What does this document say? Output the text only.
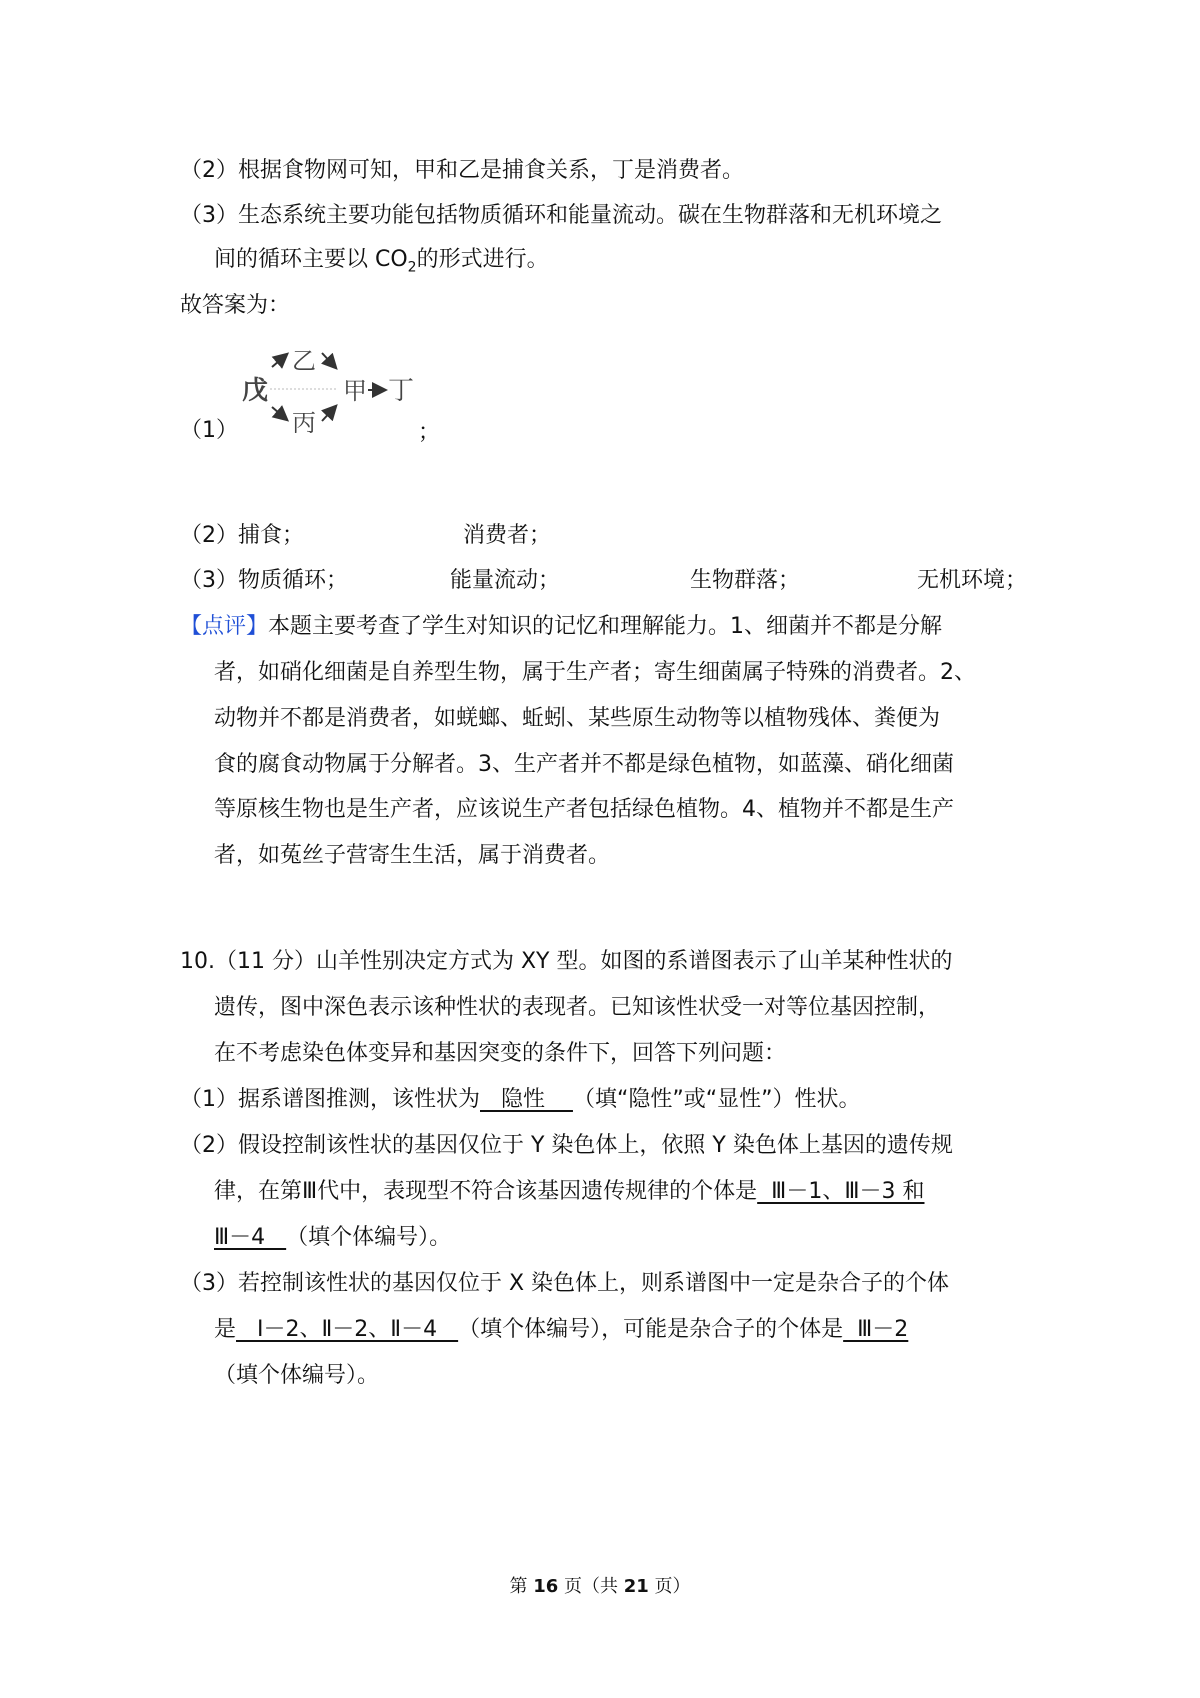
（2）根据食物网可知，甲和乙是捕食关系，丁是消费者。
（3）生态系统主要功能包括物质循环和能量流动。碳在生物群落和无机环境之
间的循环主要以 $CO_2$的形式进行。
故答案为：
（1）
戊
乙
丙
甲 丁
；
（2）捕食；	消费者；
（3）物质循环；	能量流动；	生物群落；	无机环境；
【点评】本题主要考查了学生对知识的记忆和理解能力。1、细菌并不都是分解
者，如硝化细菌是自养型生物，属于生产者；寄生细菌属子特殊的消费者。2、
动物并不都是消费者，如蜣螂、蚯蚓、某些原生动物等以植物残体、粪便为
食的腐食动物属于分解者。3、生产者并不都是绿色植物，如蓝藻、硝化细菌
等原核生物也是生产者，应该说生产者包括绿色植物。4、植物并不都是生产
者，如菟丝子营寄生生活，属于消费者。
10.（11 分）山羊性别决定方式为 XY 型。如图的系谱图表示了山羊某种性状的
遗传，图中深色表示该种性状的表现者。已知该性状受一对等位基因控制，
在不考虑染色体变异和基因突变的条件下，回答下列问题：
（1）据系谱图推测，该性状为   隐性    （填“隐性”或“显性”）性状。
（2）假设控制该性状的基因仅位于 Y 染色体上，依照 Y 染色体上基因的遗传规
律，在第Ⅲ代中，表现型不符合该基因遗传规律的个体是  Ⅲ－1、Ⅲ－3 和
Ⅲ－4   （填个体编号）。
（3）若控制该性状的基因仅位于 X 染色体上，则系谱图中一定是杂合子的个体
是   Ⅰ－2、Ⅱ－2、Ⅱ－4   （填个体编号），可能是杂合子的个体是  Ⅲ－2
（填个体编号）。
第 16 页（共 21 页）
